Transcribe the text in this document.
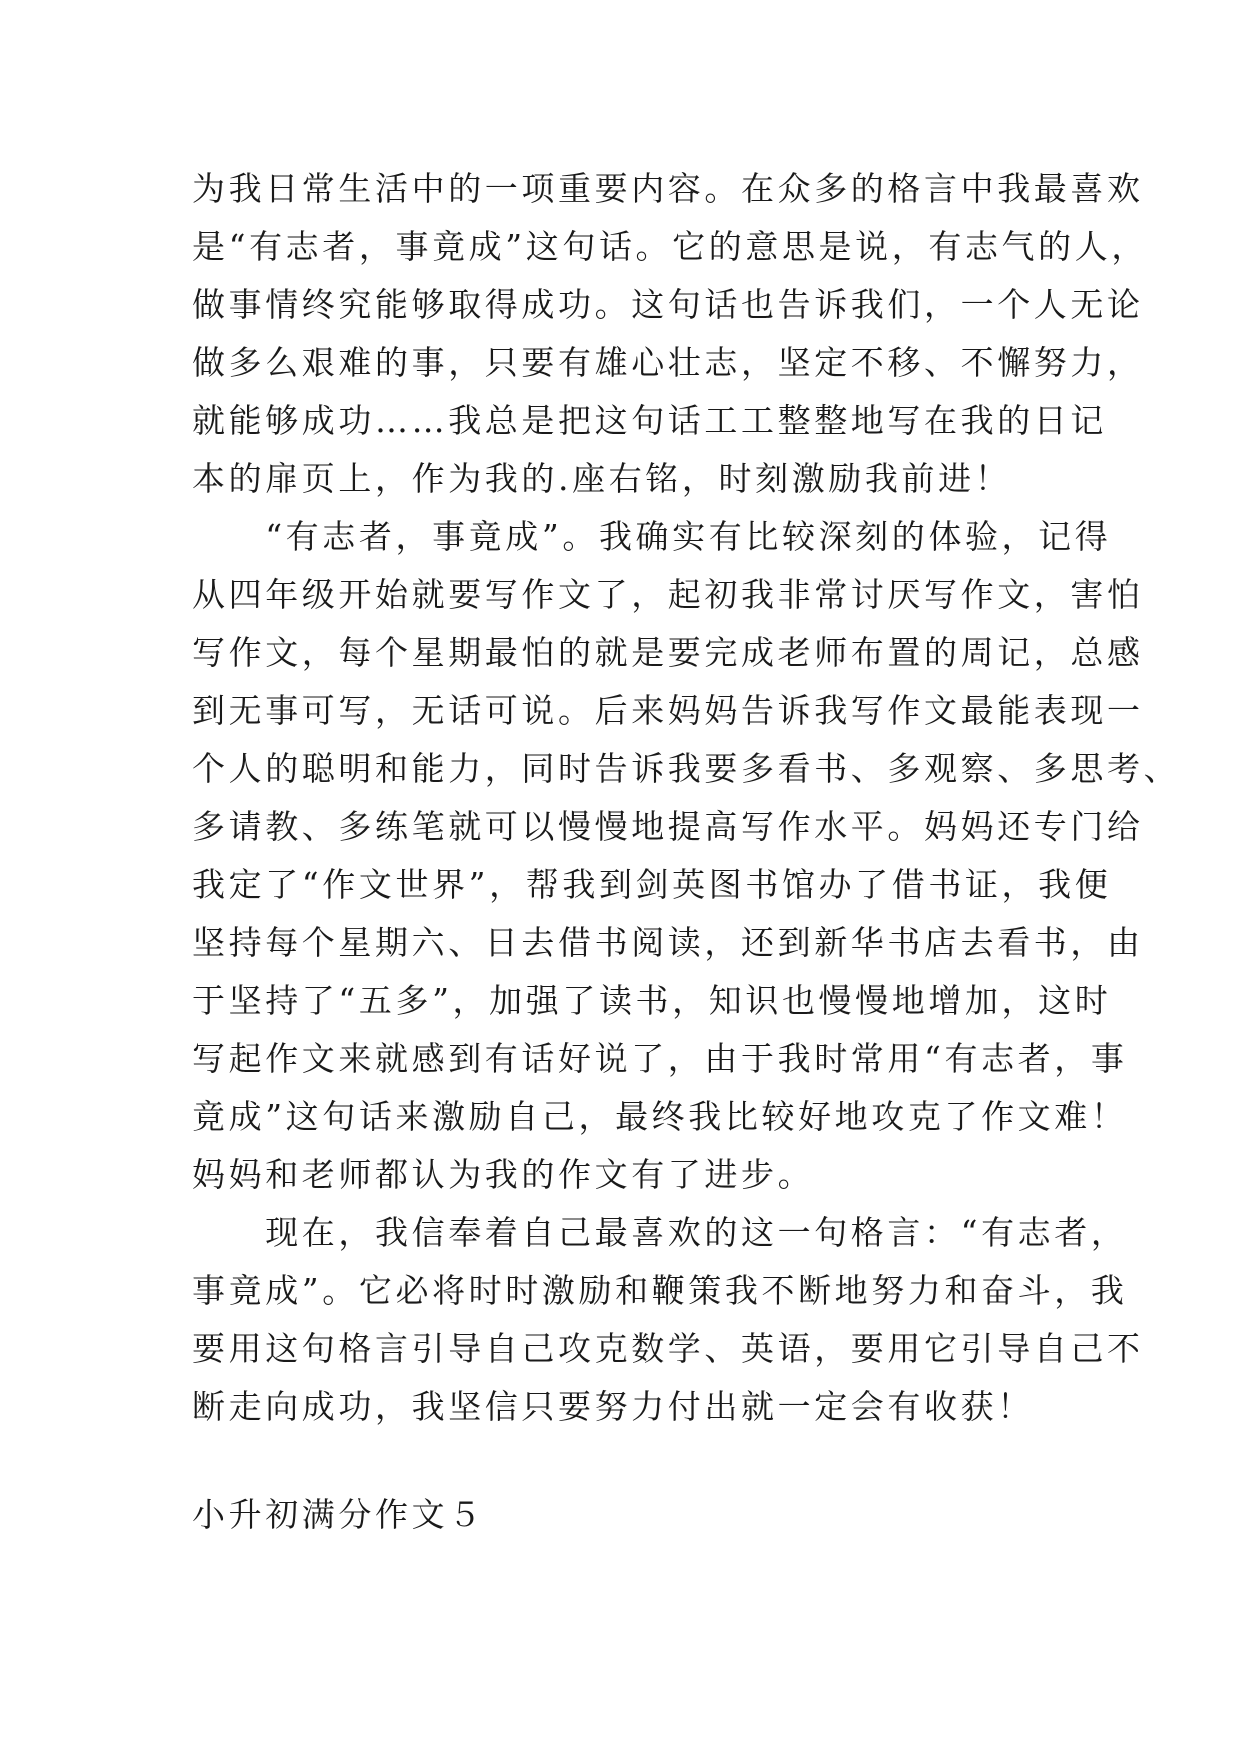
为我日常生活中的一项重要内容。在众多的格言中我最喜欢
是“有志者，事竟成”这句话。它的意思是说，有志气的人，
做事情终究能够取得成功。这句话也告诉我们，一个人无论
做多么艰难的事，只要有雄心壮志，坚定不移、不懈努力，
就能够成功……我总是把这句话工工整整地写在我的日记
本的扉页上，作为我的.座右铭，时刻激励我前进！
　　“有志者，事竟成”。我确实有比较深刻的体验，记得
从四年级开始就要写作文了，起初我非常讨厌写作文，害怕
写作文，每个星期最怕的就是要完成老师布置的周记，总感
到无事可写，无话可说。后来妈妈告诉我写作文最能表现一
个人的聪明和能力，同时告诉我要多看书、多观察、多思考、
多请教、多练笔就可以慢慢地提高写作水平。妈妈还专门给
我定了“作文世界”，帮我到剑英图书馆办了借书证，我便
坚持每个星期六、日去借书阅读，还到新华书店去看书，由
于坚持了“五多”，加强了读书，知识也慢慢地增加，这时
写起作文来就感到有话好说了，由于我时常用“有志者，事
竟成”这句话来激励自己，最终我比较好地攻克了作文难！
妈妈和老师都认为我的作文有了进步。
　　现在，我信奉着自己最喜欢的这一句格言：“有志者，
事竟成”。它必将时时激励和鞭策我不断地努力和奋斗，我
要用这句格言引导自己攻克数学、英语，要用它引导自己不
断走向成功，我坚信只要努力付出就一定会有收获！
小升初满分作文５
